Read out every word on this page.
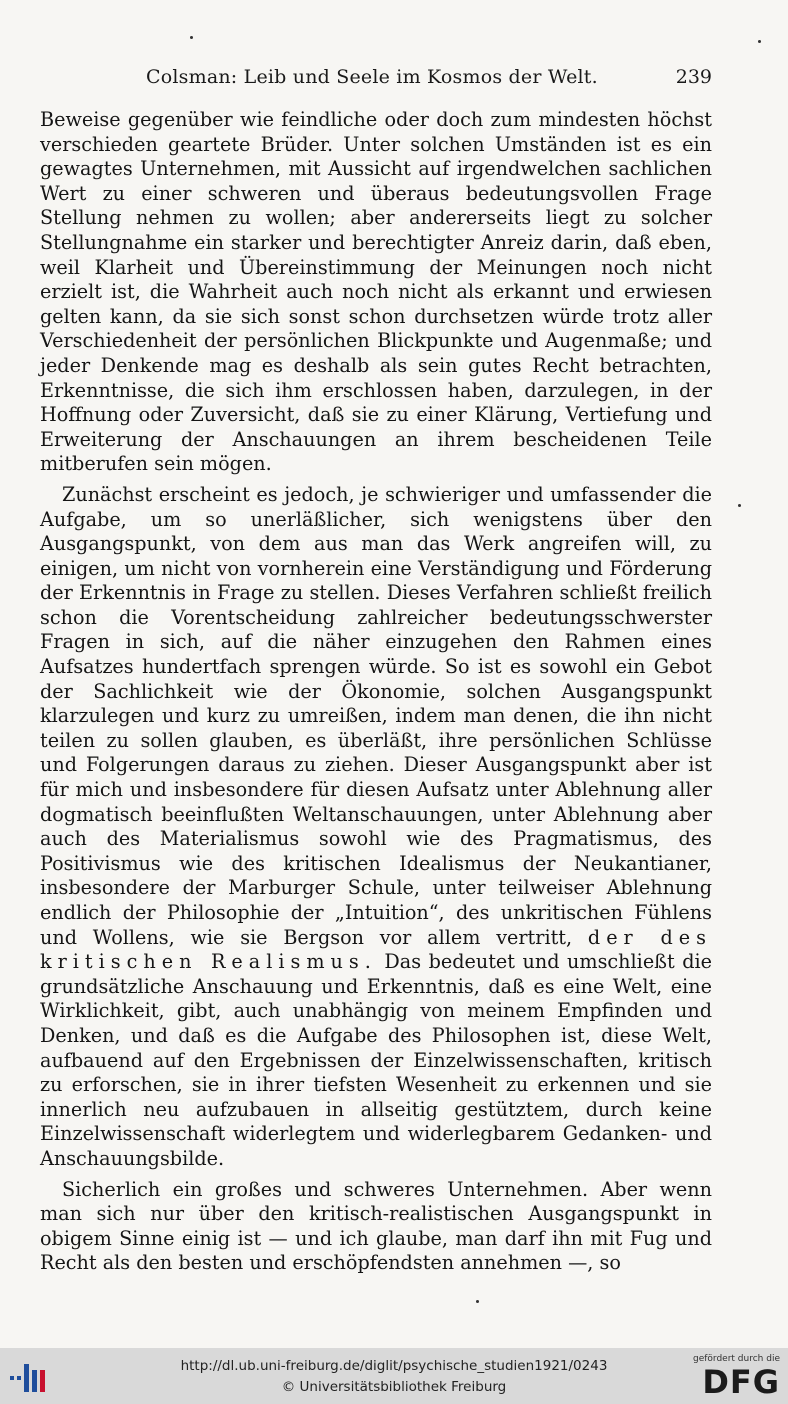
Colsman: Leib und Seele im Kosmos der Welt.	239

Beweise gegenüber wie feindliche oder doch zum mindesten höchst verschieden geartete Brüder. Unter solchen Umständen ist es ein gewagtes Unternehmen, mit Aussicht auf irgendwelchen sachlichen Wert zu einer schweren und überaus bedeutungsvollen Frage Stellung nehmen zu wollen; aber andererseits liegt zu solcher Stellungnahme ein starker und berechtigter Anreiz darin, daß eben, weil Klarheit und Übereinstimmung der Meinungen noch nicht erzielt ist, die Wahrheit auch noch nicht als erkannt und erwiesen gelten kann, da sie sich sonst schon durchsetzen würde trotz aller Verschiedenheit der persönlichen Blickpunkte und Augenmaße; und jeder Denkende mag es deshalb als sein gutes Recht betrachten, Erkenntnisse, die sich ihm erschlossen haben, darzulegen, in der Hoffnung oder Zuversicht, daß sie zu einer Klärung, Vertiefung und Erweiterung der Anschauungen an ihrem bescheidenen Teile mitberufen sein mögen.

Zunächst erscheint es jedoch, je schwieriger und umfassender die Aufgabe, um so unerläßlicher, sich wenigstens über den Ausgangspunkt, von dem aus man das Werk angreifen will, zu einigen, um nicht von vornherein eine Verständigung und Förderung der Erkenntnis in Frage zu stellen. Dieses Verfahren schließt freilich schon die Vorentscheidung zahlreicher bedeutungsschwerster Fragen in sich, auf die näher einzugehen den Rahmen eines Aufsatzes hundertfach sprengen würde. So ist es sowohl ein Gebot der Sachlichkeit wie der Ökonomie, solchen Ausgangspunkt klarzulegen und kurz zu umreißen, indem man denen, die ihn nicht teilen zu sollen glauben, es überläßt, ihre persönlichen Schlüsse und Folgerungen daraus zu ziehen. Dieser Ausgangspunkt aber ist für mich und insbesondere für diesen Aufsatz unter Ablehnung aller dogmatisch beeinflußten Weltanschauungen, unter Ablehnung aber auch des Materialismus sowohl wie des Pragmatismus, des Positivismus wie des kritischen Idealismus der Neukantianer, insbesondere der Marburger Schule, unter teilweiser Ablehnung endlich der Philosophie der „Intuition“, des unkritischen Fühlens und Wollens, wie sie Bergson vor allem vertritt, der des kritischen Realismus. Das bedeutet und umschließt die grundsätzliche Anschauung und Erkenntnis, daß es eine Welt, eine Wirklichkeit, gibt, auch unabhängig von meinem Empfinden und Denken, und daß es die Aufgabe des Philosophen ist, diese Welt, aufbauend auf den Ergebnissen der Einzelwissenschaften, kritisch zu erforschen, sie in ihrer tiefsten Wesenheit zu erkennen und sie innerlich neu aufzubauen in allseitig gestütztem, durch keine Einzelwissenschaft widerlegtem und widerlegbarem Gedanken- und Anschauungsbilde.

Sicherlich ein großes und schweres Unternehmen. Aber wenn man sich nur über den kritisch-realistischen Ausgangspunkt in obigem Sinne einig ist — und ich glaube, man darf ihn mit Fug und Recht als den besten und erschöpfendsten annehmen —, so

http://dl.ub.uni-freiburg.de/diglit/psychische_studien1921/0243
© Universitätsbibliothek Freiburg
gefördert durch die
DFG
